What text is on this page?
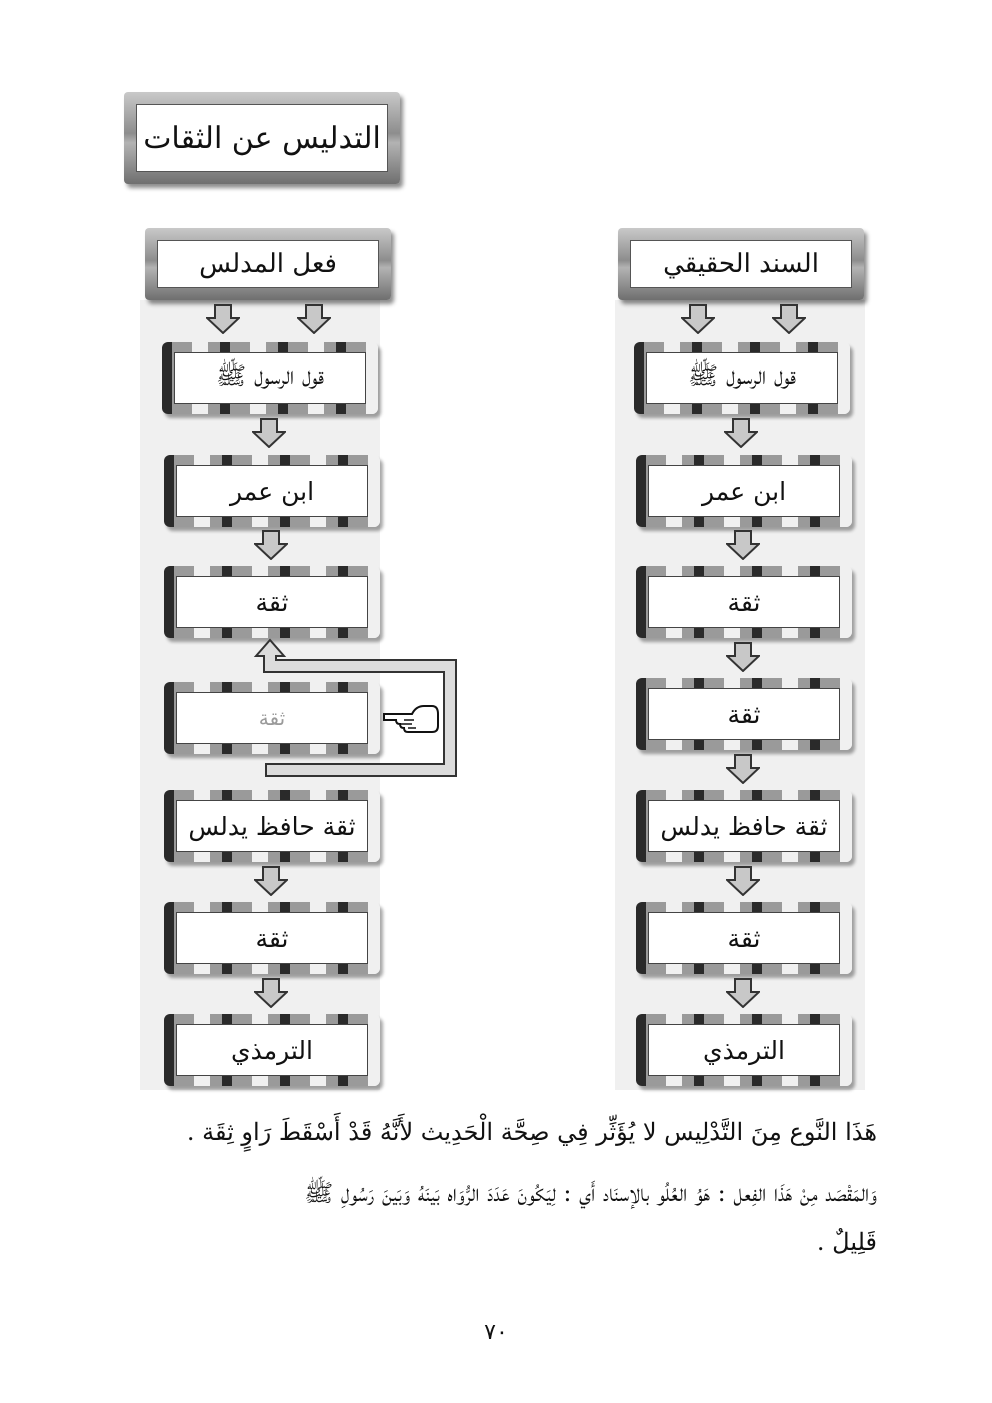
التدليس عن الثقات
فعل المدلس	السند الحقيقي
قول الرسول ﷺ
ابن عمر
ثقة
ثقة
ثقة حافظ يدلس
ثقة
الترمذي
قول الرسول ﷺ
ابن عمر
ثقة
ثقة
ثقة حافظ يدلس
ثقة
الترمذي
هَذَا النَّوع مِنَ التَّدْلِيس لا يُؤَثِّر فِي صِحَّة الْحَدِيث لأَنَّهُ قَدْ أَسْقَطَ رَاوٍ ثِقَة .
وَالمَقْصَد مِنْ هَذَا الفِعل : هَوُ العُلُو بالإسنَاد أَي : لِيَكُونَ عَدَدَ الرُّوَاه بَينَهُ وَبَينَ رَسُولِ ﷺ
قَلِيلٌ .
٧٠
